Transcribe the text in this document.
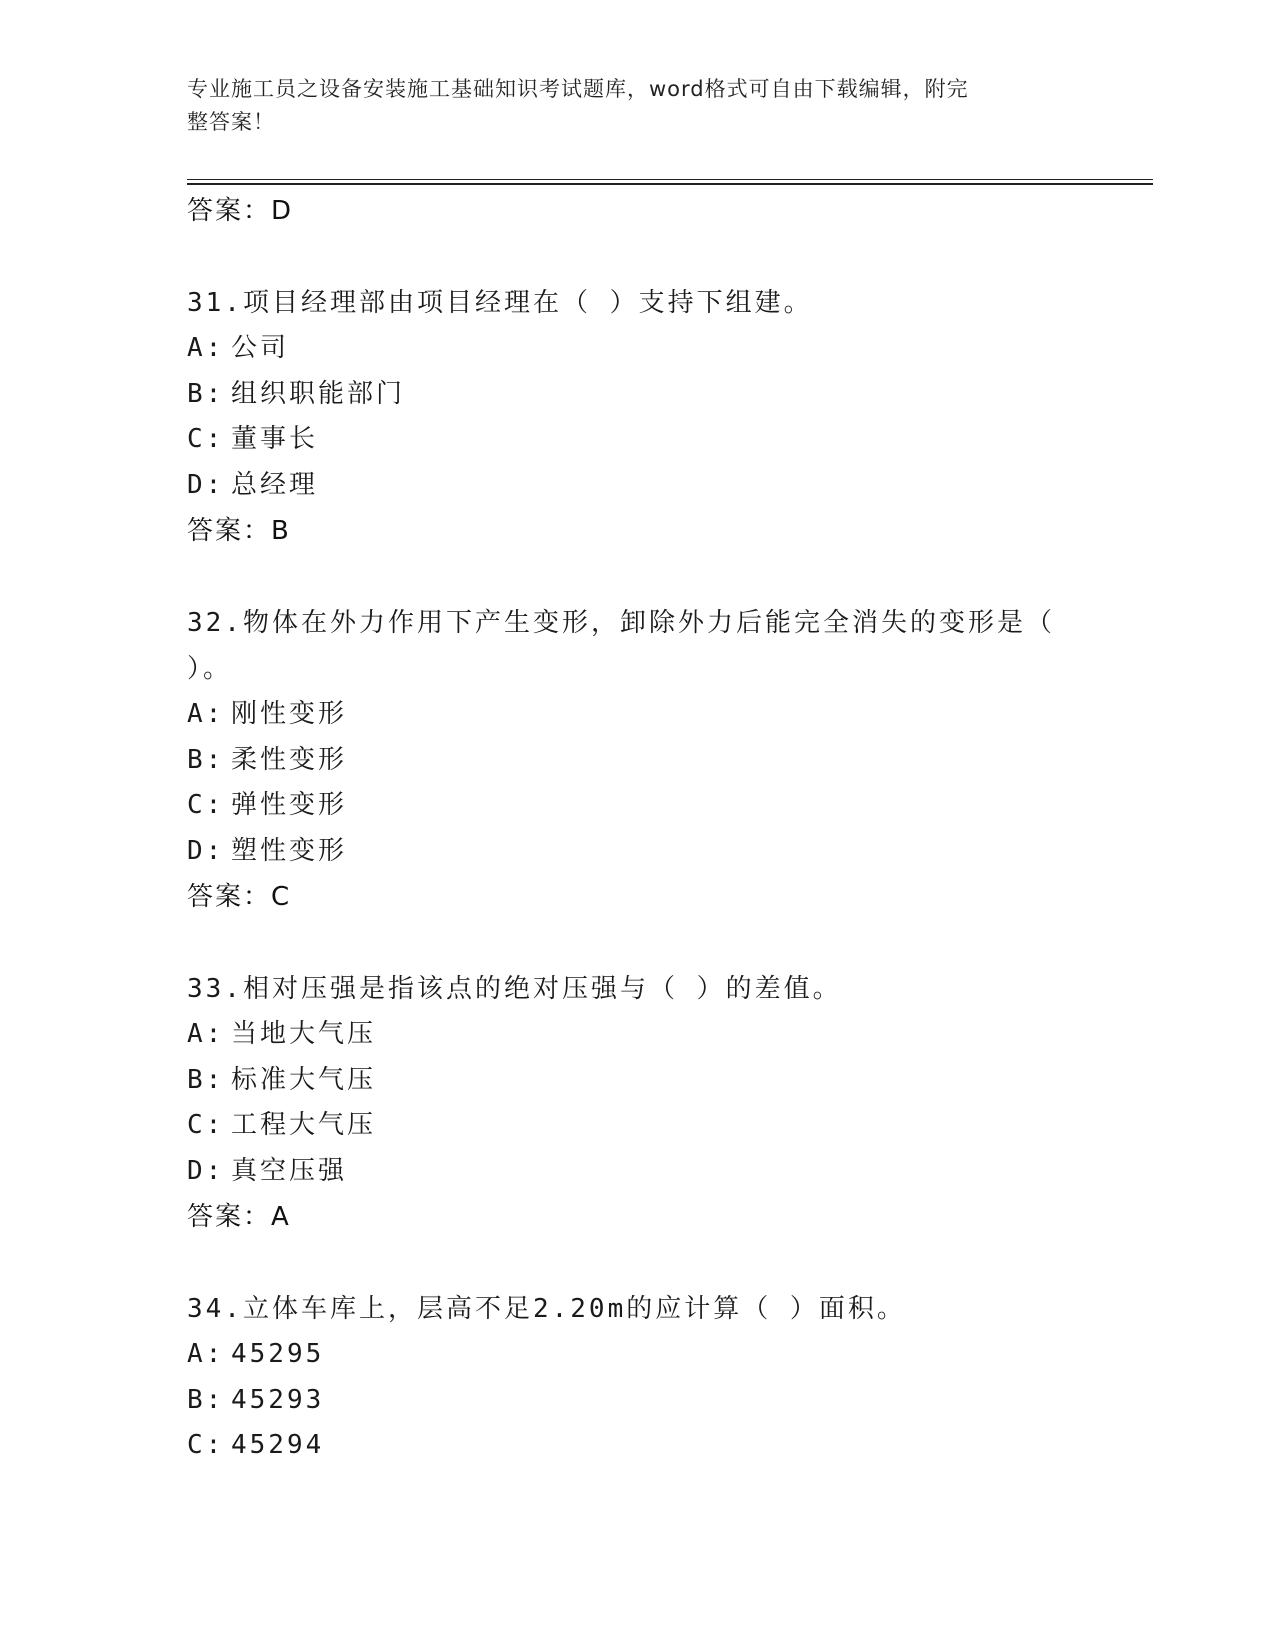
专业施工员之设备安装施工基础知识考试题库，word格式可自由下载编辑，附完
整答案！
答案：D
31.项目经理部由项目经理在（ ）支持下组建。
A: 公司
B: 组织职能部门
C: 董事长
D: 总经理
答案：B
32.物体在外力作用下产生变形，卸除外力后能完全消失的变形是（
）。
A: 刚性变形
B: 柔性变形
C: 弹性变形
D: 塑性变形
答案：C
33.相对压强是指该点的绝对压强与（ ）的差值。
A: 当地大气压
B: 标准大气压
C: 工程大气压
D: 真空压强
答案：A
34.立体车库上，层高不足2.20m的应计算（ ）面积。
A: 45295
B: 45293
C: 45294
